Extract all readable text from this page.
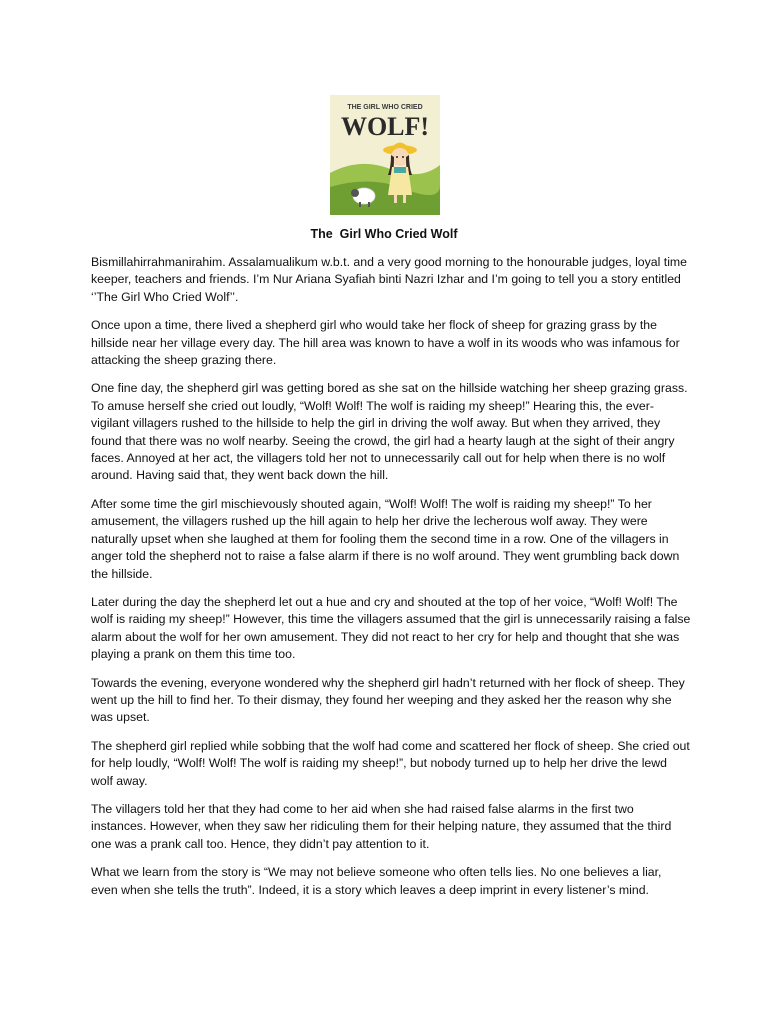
THE GIRL WHO CRIED
WOLF!
The  Girl Who Cried Wolf

Bismillahirrahmanirahim. Assalamualikum w.b.t. and a very good morning to the honourable judges, loyal time keeper, teachers and friends. I’m Nur Ariana Syafiah binti Nazri Izhar and I’m going to tell you a story entitled ‘’The Girl Who Cried Wolf’’.

Once upon a time, there lived a shepherd girl who would take her flock of sheep for grazing grass by the hillside near her village every day. The hill area was known to have a wolf in its woods who was infamous for attacking the sheep grazing there.

One fine day, the shepherd girl was getting bored as she sat on the hillside watching her sheep grazing grass. To amuse herself she cried out loudly, “Wolf! Wolf! The wolf is raiding my sheep!” Hearing this, the ever-vigilant villagers rushed to the hillside to help the girl in driving the wolf away. But when they arrived, they found that there was no wolf nearby. Seeing the crowd, the girl had a hearty laugh at the sight of their angry faces. Annoyed at her act, the villagers told her not to unnecessarily call out for help when there is no wolf around. Having said that, they went back down the hill.

After some time the girl mischievously shouted again, “Wolf! Wolf! The wolf is raiding my sheep!” To her amusement, the villagers rushed up the hill again to help her drive the lecherous wolf away. They were naturally upset when she laughed at them for fooling them the second time in a row. One of the villagers in anger told the shepherd not to raise a false alarm if there is no wolf around. They went grumbling back down the hillside.

Later during the day the shepherd let out a hue and cry and shouted at the top of her voice, “Wolf! Wolf! The wolf is raiding my sheep!” However, this time the villagers assumed that the girl is unnecessarily raising a false alarm about the wolf for her own amusement. They did not react to her cry for help and thought that she was playing a prank on them this time too.

Towards the evening, everyone wondered why the shepherd girl hadn’t returned with her flock of sheep. They went up the hill to find her. To their dismay, they found her weeping and they asked her the reason why she was upset.

The shepherd girl replied while sobbing that the wolf had come and scattered her flock of sheep. She cried out for help loudly, “Wolf! Wolf! The wolf is raiding my sheep!”, but nobody turned up to help her drive the lewd wolf away.

The villagers told her that they had come to her aid when she had raised false alarms in the first two instances. However, when they saw her ridiculing them for their helping nature, they assumed that the third one was a prank call too. Hence, they didn’t pay attention to it.

What we learn from the story is “We may not believe someone who often tells lies. No one believes a liar, even when she tells the truth”. Indeed, it is a story which leaves a deep imprint in every listener’s mind.
